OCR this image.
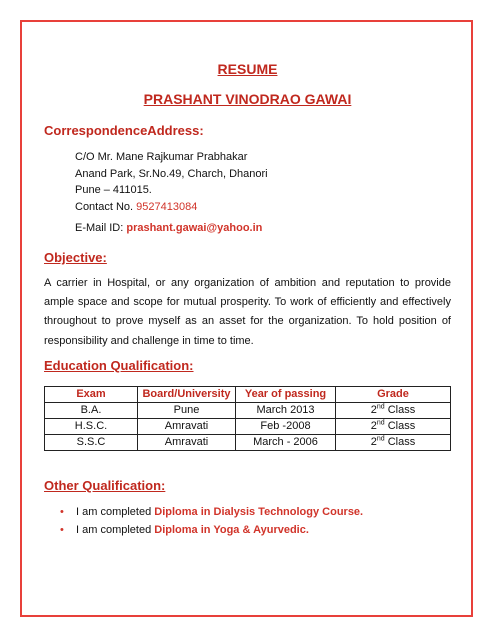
RESUME
PRASHANT VINODRAO GAWAI
CorrespondenceAddress:
C/O Mr. Mane Rajkumar Prabhakar
Anand Park, Sr.No.49, Charch, Dhanori
Pune – 411015.
Contact No. 9527413084
E-Mail ID: prashant.gawai@yahoo.in
Objective:
A carrier in Hospital, or any organization of ambition and reputation to provide ample space and scope for mutual prosperity. To work of efficiently and effectively throughout to prove myself as an asset for the organization. To hold position of responsibility and challenge in time to time.
Education Qualification:
Exam	Board/University	Year of passing	Grade
B.A.	Pune	March 2013	2nd Class
H.S.C.	Amravati	Feb -2008	2nd Class
S.S.C	Amravati	March - 2006	2nd Class
Other Qualification:
• I am completed Diploma in Dialysis Technology Course.
• I am completed Diploma in Yoga & Ayurvedic.
